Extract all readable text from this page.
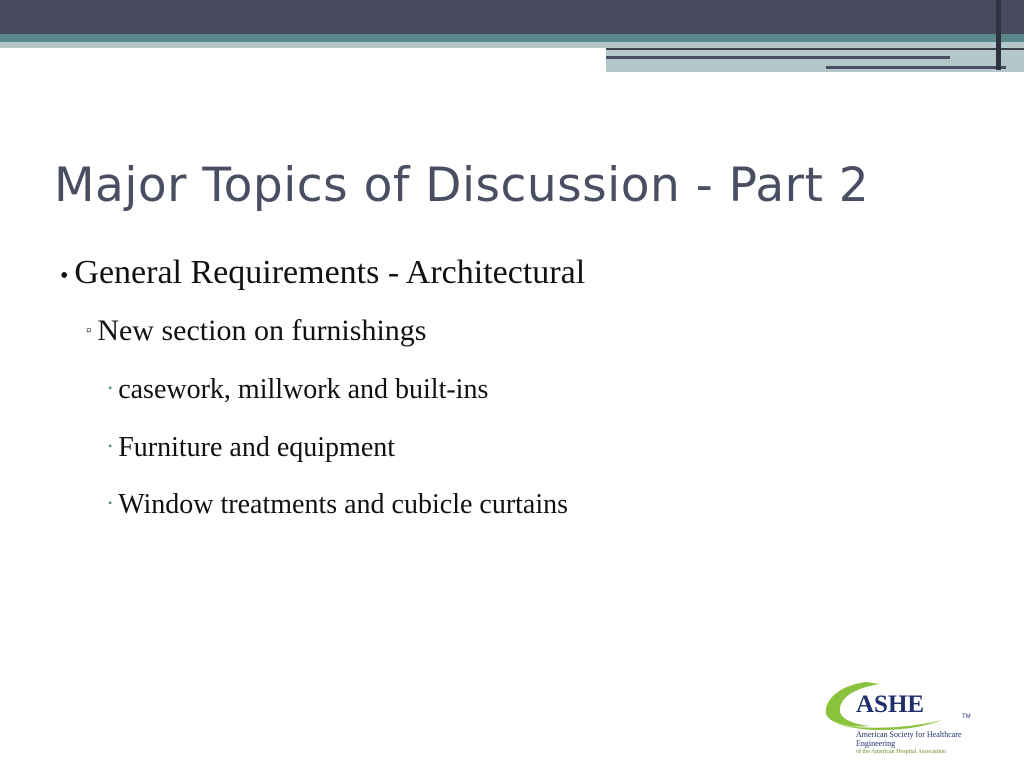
Major Topics of Discussion - Part 2
• General Requirements - Architectural
▫ New section on furnishings
• casework, millwork and built-ins
• Furniture and equipment
• Window treatments and cubicle curtains
ASHE	TM
American Society for Healthcare Engineering
of the American Hospital Association
